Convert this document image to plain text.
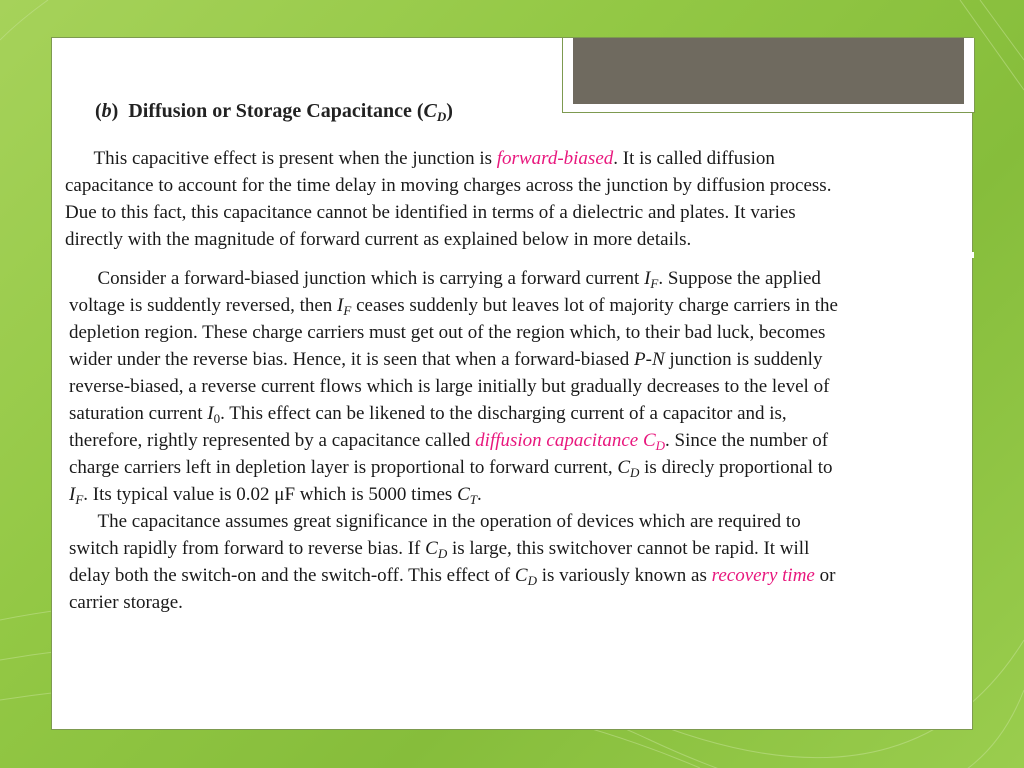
(b) Diffusion or Storage Capacitance $(C_D)$
This capacitive effect is present when the junction is forward-biased. It is called diffusion
capacitance to account for the time delay in moving charges across the junction by diffusion process.
Due to this fact, this capacitance cannot be identified in terms of a dielectric and plates. It varies
directly with the magnitude of forward current as explained below in more details.
Consider a forward-biased junction which is carrying a forward current $I_F$. Suppose the applied
voltage is suddently reversed, then $I_F$ ceases suddenly but leaves lot of majority charge carriers in the
depletion region. These charge carriers must get out of the region which, to their bad luck, becomes
wider under the reverse bias. Hence, it is seen that when a forward-biased P-N junction is suddenly
reverse-biased, a reverse current flows which is large initially but gradually decreases to the level of
saturation current $I_0$. This effect can be likened to the discharging current of a capacitor and is,
therefore, rightly represented by a capacitance called diffusion capacitance $C_D$. Since the number of
charge carriers left in depletion layer is proportional to forward current, $C_D$ is direcly proportional to
$I_F$. Its typical value is 0.02 μF which is 5000 times $C_T$.
The capacitance assumes great significance in the operation of devices which are required to
switch rapidly from forward to reverse bias. If $C_D$ is large, this switchover cannot be rapid. It will
delay both the switch-on and the switch-off. This effect of $C_D$ is variously known as recovery time or
carrier storage.
